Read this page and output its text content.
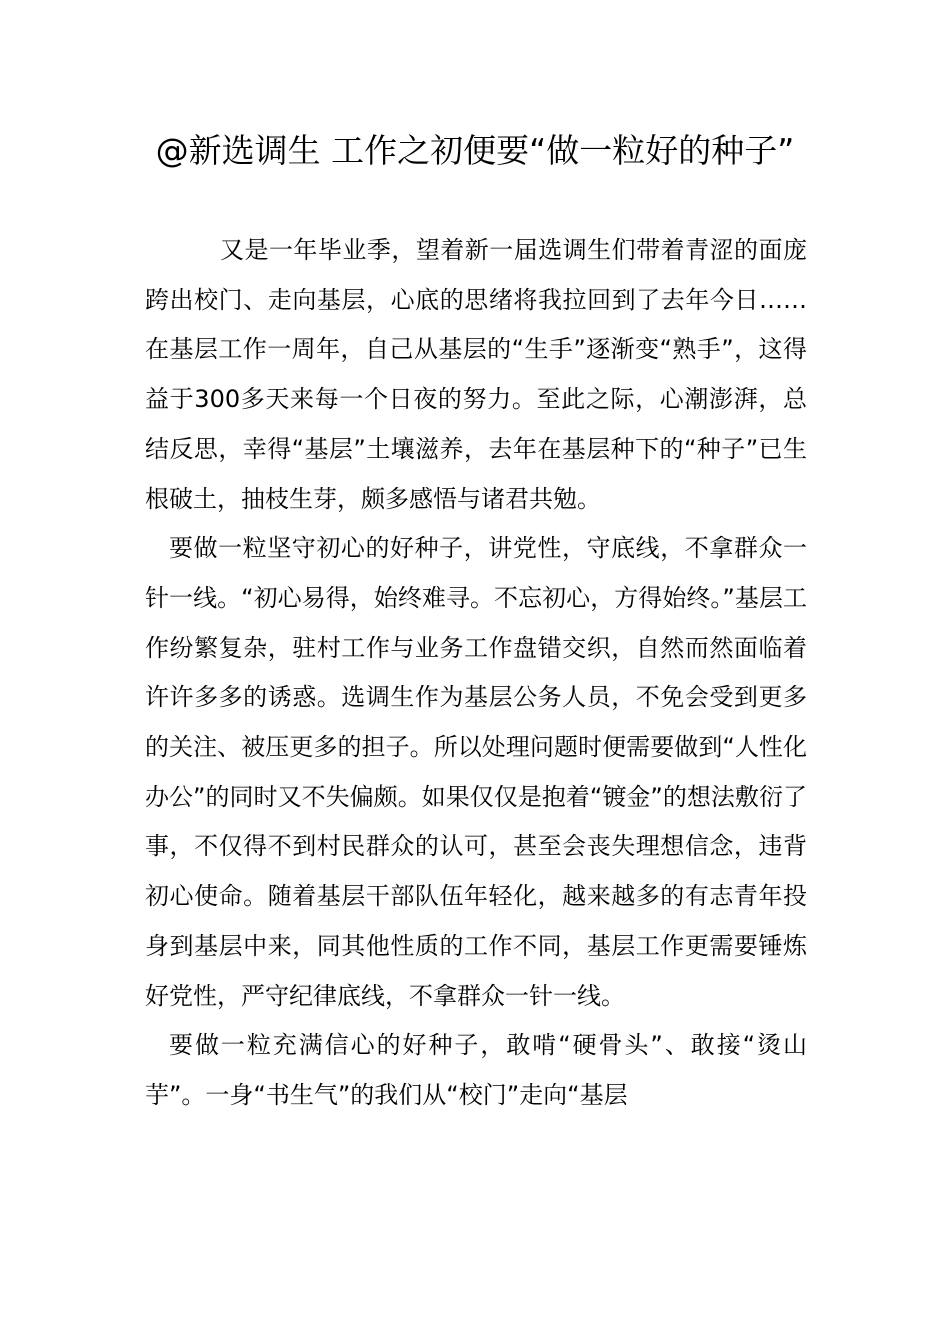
@新选调生 工作之初便要“做一粒好的种子”

又是一年毕业季，望着新一届选调生们带着青涩的面庞跨出校门、走向基层，心底的思绪将我拉回到了去年今日……在基层工作一周年，自己从基层的“生手”逐渐变“熟手”，这得益于300多天来每一个日夜的努力。至此之际，心潮澎湃，总结反思，幸得“基层”土壤滋养，去年在基层种下的“种子”已生根破土，抽枝生芽，颇多感悟与诸君共勉。

要做一粒坚守初心的好种子，讲党性，守底线，不拿群众一针一线。“初心易得，始终难寻。不忘初心，方得始终。”基层工作纷繁复杂，驻村工作与业务工作盘错交织，自然而然面临着许许多多的诱惑。选调生作为基层公务人员，不免会受到更多的关注、被压更多的担子。所以处理问题时便需要做到“人性化办公”的同时又不失偏颇。如果仅仅是抱着“镀金”的想法敷衍了事，不仅得不到村民群众的认可，甚至会丧失理想信念，违背初心使命。随着基层干部队伍年轻化，越来越多的有志青年投身到基层中来，同其他性质的工作不同，基层工作更需要锤炼好党性，严守纪律底线，不拿群众一针一线。

要做一粒充满信心的好种子，敢啃“硬骨头”、敢接“烫山芋”。一身“书生气”的我们从“校门”走向“基层
